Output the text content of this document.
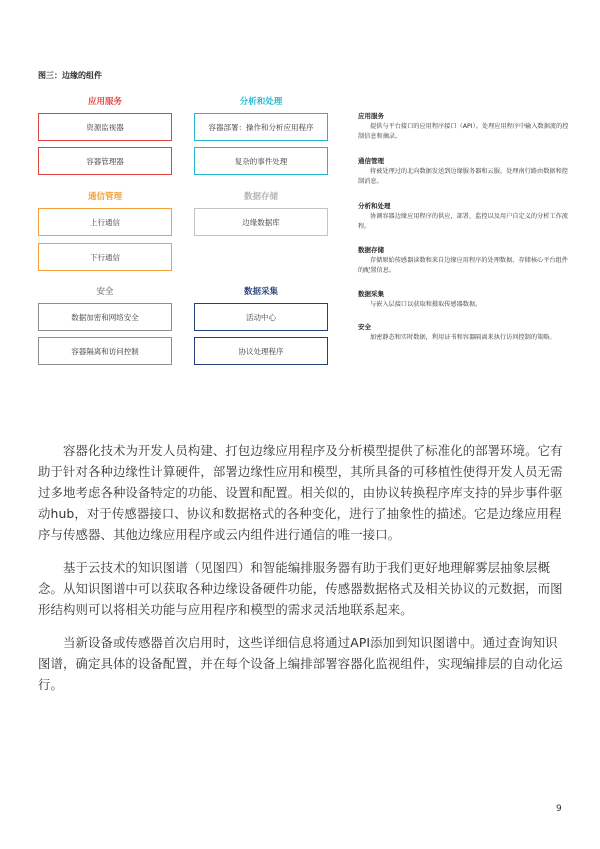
图三：边缘的组件
应用服务
资源监视器
容器管理器
分析和处理
容器部署：操作和分析应用程序
复杂的事件处理
通信管理
上行通信
下行通信
数据存储
边缘数据库
安全
数据加密和网络安全
容器隔离和访问控制
数据采集
活动中心
协议处理程序
应用服务
提供与平台接口的应用程序接口（API）。处理应用程序中输入数据流的控制信息和摘录。
通信管理
将被处理过的北向数据发送到边缘服务器和云服。处理南行路由数据和控制消息。
分析和处理
协调容器边缘应用程序的供应，部署，监控以及用户自定义的分析工作流程。
数据存储
存储原始传感器读数和来自边缘应用程序的处理数据，存储核心平台组件的配置信息。
数据采集
与嵌入层接口以获取和摄取传感器数据。
安全
加密静态和实时数据，利用证书和容器隔离来执行访问控制的策略。

容器化技术为开发人员构建、打包边缘应用程序及分析模型提供了标准化的部署环境。它有助于针对各种边缘性计算硬件，部署边缘性应用和模型，其所具备的可移植性使得开发人员无需过多地考虑各种设备特定的功能、设置和配置。相关似的，由协议转换程序库支持的异步事件驱动hub，对于传感器接口、协议和数据格式的各种变化，进行了抽象性的描述。它是边缘应用程序与传感器、其他边缘应用程序或云内组件进行通信的唯一接口。

基于云技术的知识图谱（见图四）和智能编排服务器有助于我们更好地理解雾层抽象层概念。从知识图谱中可以获取各种边缘设备硬件功能，传感器数据格式及相关协议的元数据，而图形结构则可以将相关功能与应用程序和模型的需求灵活地联系起来。

当新设备或传感器首次启用时，这些详细信息将通过API添加到知识图谱中。通过查询知识图谱，确定具体的设备配置，并在每个设备上编排部署容器化监视组件，实现编排层的自动化运行。

9
